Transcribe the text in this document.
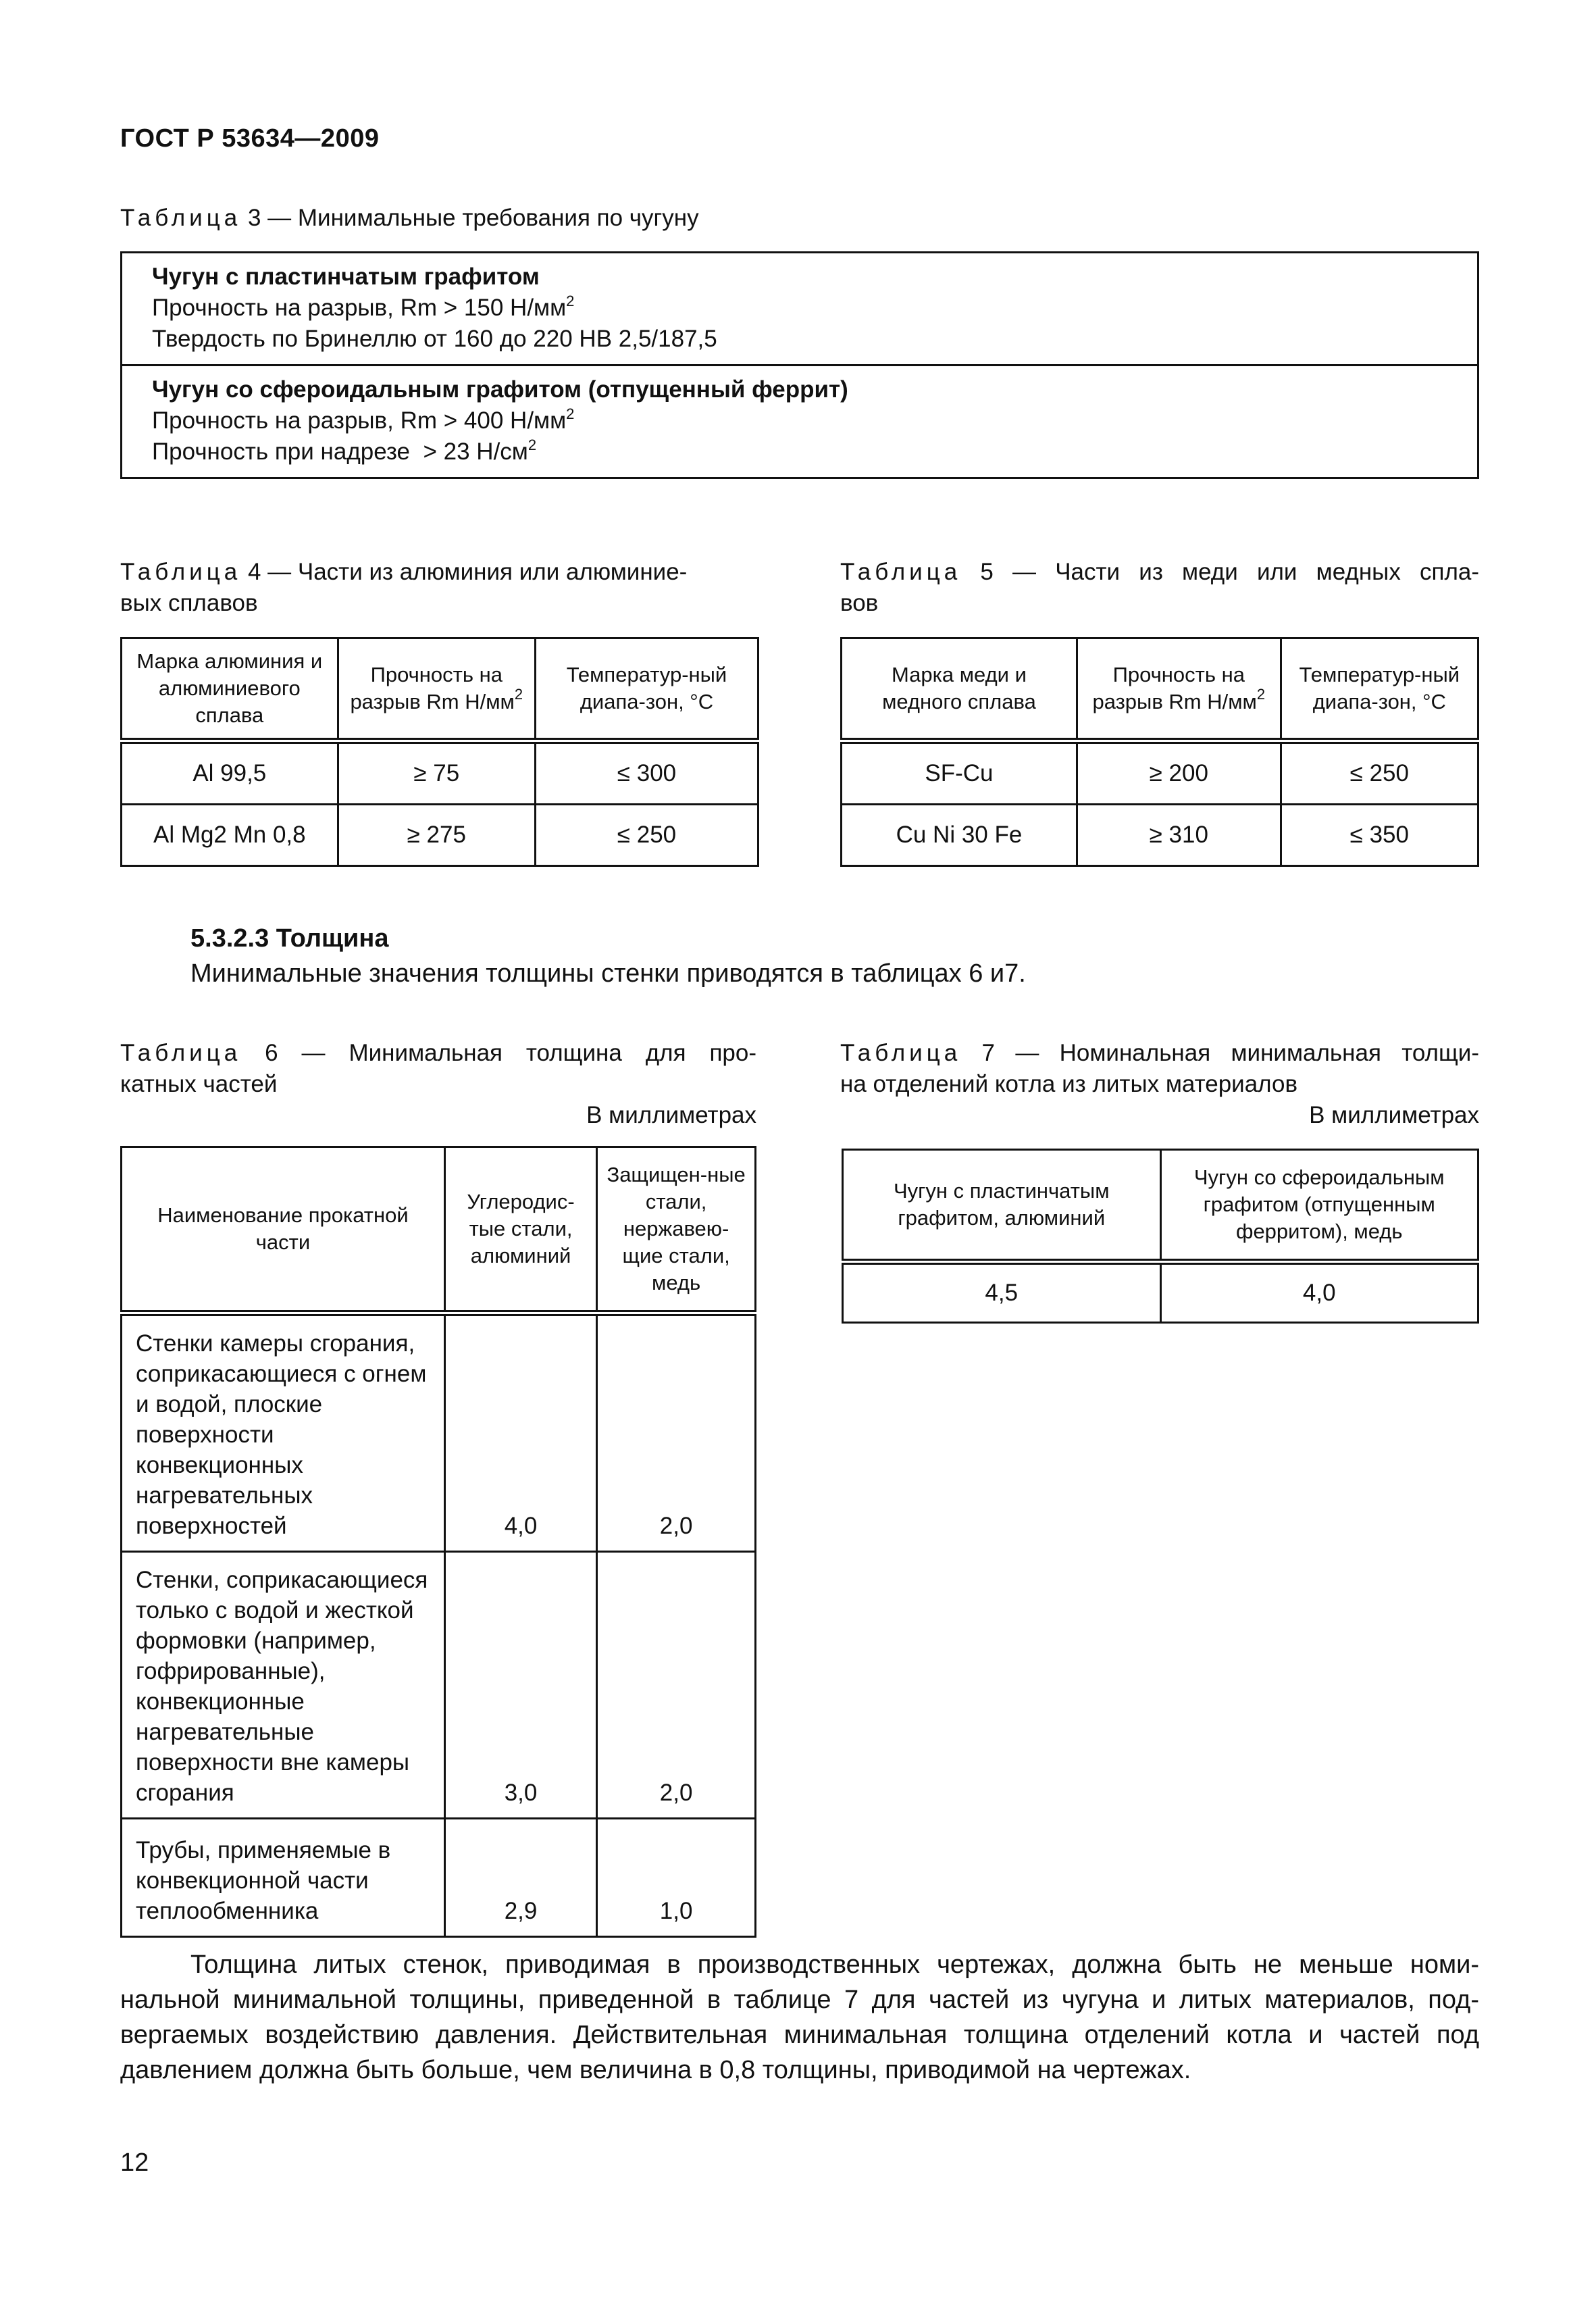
ГОСТ Р 53634—2009
Таблица 3 — Минимальные требования по чугуну
Чугун с пластинчатым графитом
Прочность на разрыв, Rm > 150 $Н/мм^2$
Твердость по Бринеллю от 160 до 220 НВ 2,5/187,5

Чугун со сфероидальным графитом (отпущенный феррит)
Прочность на разрыв, Rm > 400 $Н/мм^2$
Прочность при надрезе  > 23 $Н/см^2$
Таблица 4 — Части из алюминия или алюминие-
вых сплавов
Марка алюминия и алюминиевого сплава	Прочность на разрыв Rm $Н/мм^2$	Температур-ный диапа-зон, °С
Al 99,5	≥ 75	≤ 300
Al Mg2 Mn 0,8	≥ 275	≤ 250
Таблица 5 — Части из меди или медных спла-
вов
Марка меди и медного сплава	Прочность на разрыв Rm $Н/мм^2$	Температур-ный диапа-зон, °С
SF-Cu	≥ 200	≤ 250
Cu Ni 30 Fe	≥ 310	≤ 350
5.3.2.3 Толщина
Минимальные значения толщины стенки приводятся в таблицах 6 и7.
Таблица 6 — Минимальная толщина для про-
катных частей
В миллиметрах
Наименование прокатной части	Углеродис-тые стали, алюминий	Защищен-ные стали, нержавею-щие стали, медь
Стенки камеры сгорания, соприкасающиеся с огнем и водой, плоские поверхности конвекционных нагревательных поверхностей	4,0	2,0
Стенки, соприкасающиеся только с водой и жесткой формовки (например, гофрированные), конвекционные нагревательные поверхности вне камеры сгорания	3,0	2,0
Трубы, применяемые в конвекционной части теплообменника	2,9	1,0
Таблица 7 — Номинальная минимальная толщи-
на отделений котла из литых материалов
В миллиметрах
Чугун с пластинчатым графитом, алюминий	Чугун со сфероидальным графитом (отпущенным ферритом), медь
4,5	4,0
Толщина литых стенок, приводимая в производственных чертежах, должна быть не меньше номи-
нальной минимальной толщины, приведенной в таблице 7 для частей из чугуна и литых материалов, под-
вергаемых воздействию давления. Действительная минимальная толщина отделений котла и частей под
давлением должна быть больше, чем величина в 0,8 толщины, приводимой на чертежах.
12
